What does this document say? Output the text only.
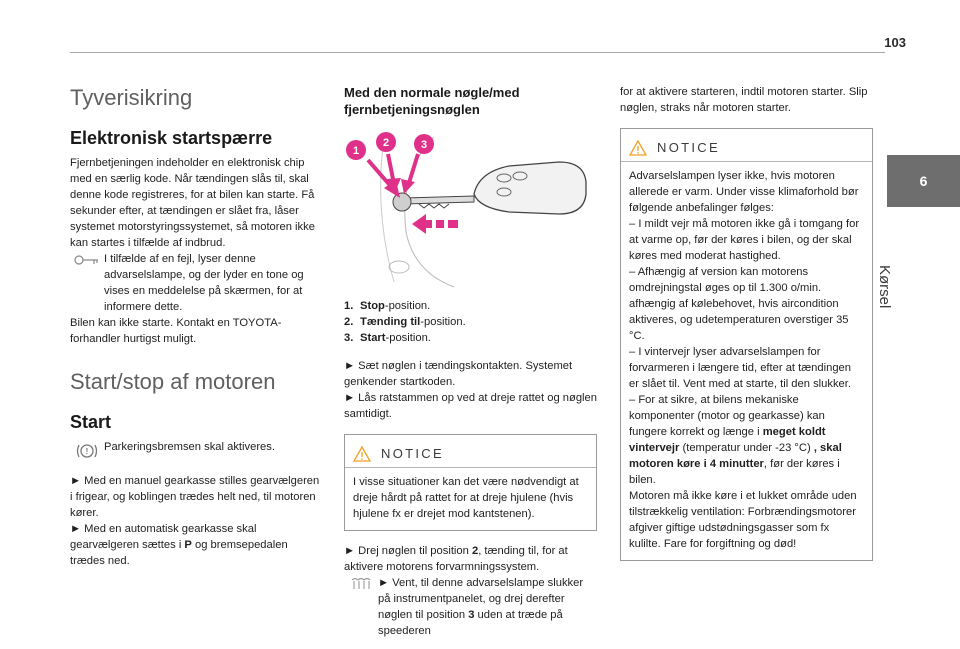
103
6
Kørsel
Tyverisikring
Elektronisk startspærre

Fjernbetjeningen indeholder en elektronisk chip med en særlig kode. Når tændingen slås til, skal denne kode registreres, for at bilen kan starte. Få sekunder efter, at tændingen er slået fra, låser systemet motorstyringssystemet, så motoren ikke kan startes i tilfælde af indbrud.

I tilfælde af en fejl, lyser denne advarselslampe, og der lyder en tone og vises en meddelelse på skærmen, for at informere dette.

Bilen kan ikke starte. Kontakt en TOYOTA-forhandler hurtigst muligt.

Start/stop af motoren
Start
! Parkeringsbremsen skal aktiveres.

► Med en manuel gearkasse stilles gearvælgeren i frigear, og koblingen trædes helt ned, til motoren kører.

► Med en automatisk gearkasse skal gearvælgeren sættes i P og bremsepedalen trædes ned.

Med den normale nøgle/med fjernbetjeningsnøglen
1
2	3
1. Stop-position.
2. Tænding til-position.
3. Start-position.

► Sæt nøglen i tændingskontakten. Systemet genkender startkoden.

► Lås ratstammen op ved at dreje rattet og nøglen samtidigt.

NOTICE
I visse situationer kan det være nødvendigt at dreje hårdt på rattet for at dreje hjulene (hvis hjulene fx er drejet mod kantstenen).

► Drej nøglen til position 2, tænding til, for at aktivere motorens forvarmningssystem.

► Vent, til denne advarselslampe slukker på instrumentpanelet, og drej derefter nøglen til position 3 uden at træde på speederen

for at aktivere starteren, indtil motoren starter. Slip nøglen, straks når motoren starter.

NOTICE

Advarselslampen lyser ikke, hvis motoren allerede er varm. Under visse klimaforhold bør følgende anbefalinger følges:

– I mildt vejr må motoren ikke gå i tomgang for at varme op, før der køres i bilen, og der skal køres med moderat hastighed.

– Afhængig af version kan motorens omdrejningstal øges op til 1.300 o/min. afhængig af kølebehovet, hvis aircondition aktiveres, og udetemperaturen overstiger 35 °C.

– I vintervejr lyser advarselslampen for forvarmeren i længere tid, efter at tændingen er slået til. Vent med at starte, til den slukker.

– For at sikre, at bilens mekaniske komponenter (motor og gearkasse) kan fungere korrekt og længe i meget koldt vintervejr (temperatur under -23 °C) , skal motoren køre i 4 minutter, før der køres i bilen.

Motoren må ikke køre i et lukket område uden tilstrækkelig ventilation: Forbrændingsmotorer afgiver giftige udstødningsgasser som fx kulilte. Fare for forgiftning og død!
